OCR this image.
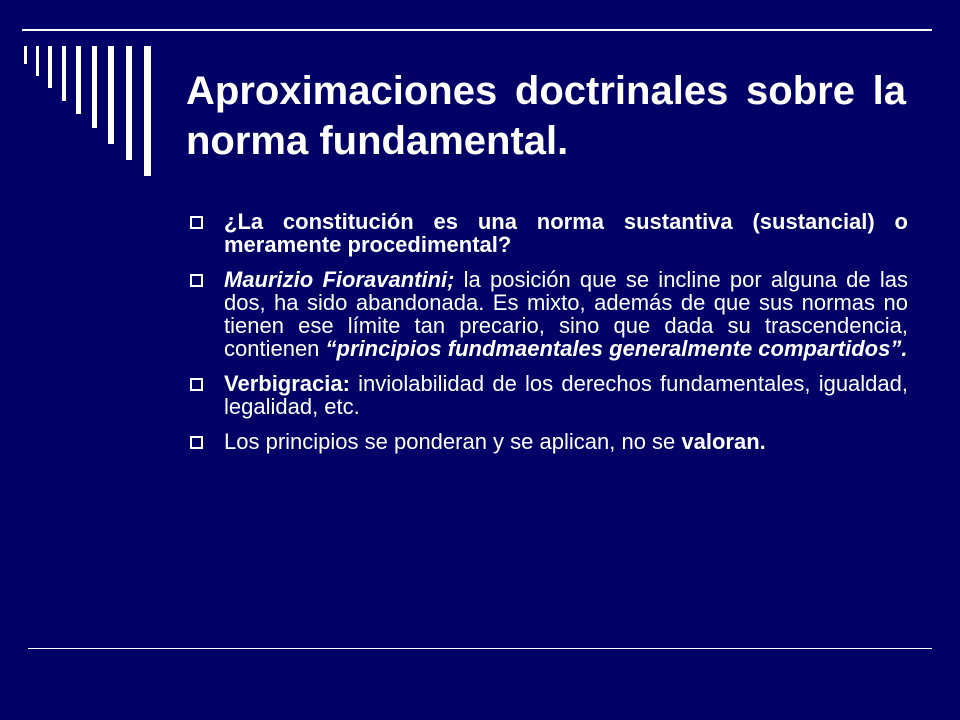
Aproximaciones doctrinales sobre la norma fundamental.
¿La constitución es una norma sustantiva (sustancial) o meramente procedimental?
Maurizio Fioravantini; la posición que se incline por alguna de las dos, ha sido abandonada. Es mixto, además de que sus normas no tienen ese límite tan precario, sino que dada su trascendencia, contienen “principios fundmaentales generalmente compartidos”.
Verbigracia: inviolabilidad de los derechos fundamentales, igualdad, legalidad, etc.
Los principios se ponderan y se aplican, no se valoran.
